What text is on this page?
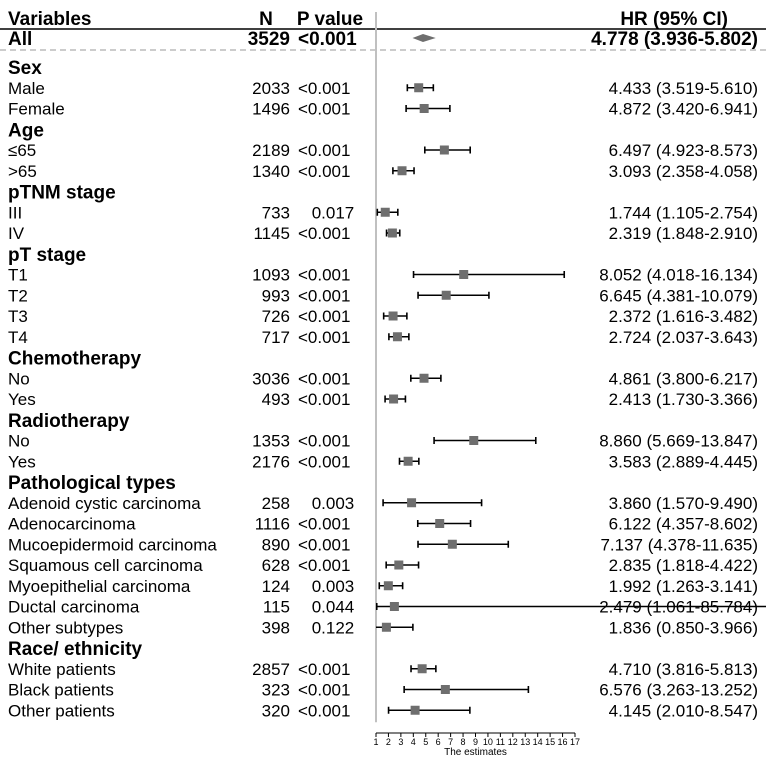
Variables	N P value	HR (95% CI)
All	3529 <0.001	4.778 (3.936-5.802)
Sex
Male	2033 <0.001	4.433 (3.519-5.610)
Female	1496 <0.001	4.872 (3.420-6.941)
Age
≤65	2189 <0.001	6.497 (4.923-8.573)
>65	1340 <0.001	3.093 (2.358-4.058)
pTNM stage
III	733 0.017	1.744 (1.105-2.754)
IV	1145 <0.001	2.319 (1.848-2.910)
pT stage
T1	1093 <0.001	8.052 (4.018-16.134)
T2	993 <0.001	6.645 (4.381-10.079)
T3	726 <0.001	2.372 (1.616-3.482)
T4	717 <0.001	2.724 (2.037-3.643)
Chemotherapy
No	3036 <0.001	4.861 (3.800-6.217)
Yes	493 <0.001	2.413 (1.730-3.366)
Radiotherapy
No	1353 <0.001	8.860 (5.669-13.847)
Yes	2176 <0.001	3.583 (2.889-4.445)
Pathological types
Adenoid cystic carcinoma	258 0.003	3.860 (1.570-9.490)
Adenocarcinoma	1116 <0.001	6.122 (4.357-8.602)
Mucoepidermoid carcinoma	890 <0.001	7.137 (4.378-11.635)
Squamous cell carcinoma	628 <0.001	2.835 (1.818-4.422)
Myoepithelial carcinoma	124 0.003	1.992 (1.263-3.141)
Ductal carcinoma	115 0.044	2.479 (1.061-85.784)
Other subtypes	398 0.122	1.836 (0.850-3.966)
Race/ ethnicity
White patients	2857 <0.001	4.710 (3.816-5.813)
Black patients	323 <0.001	6.576 (3.263-13.252)
Other patients	320 <0.001	4.145 (2.010-8.547)
1 2 3 4 5 6 7 8 9 10 11 12 13 14 15 16 17
The estimates
